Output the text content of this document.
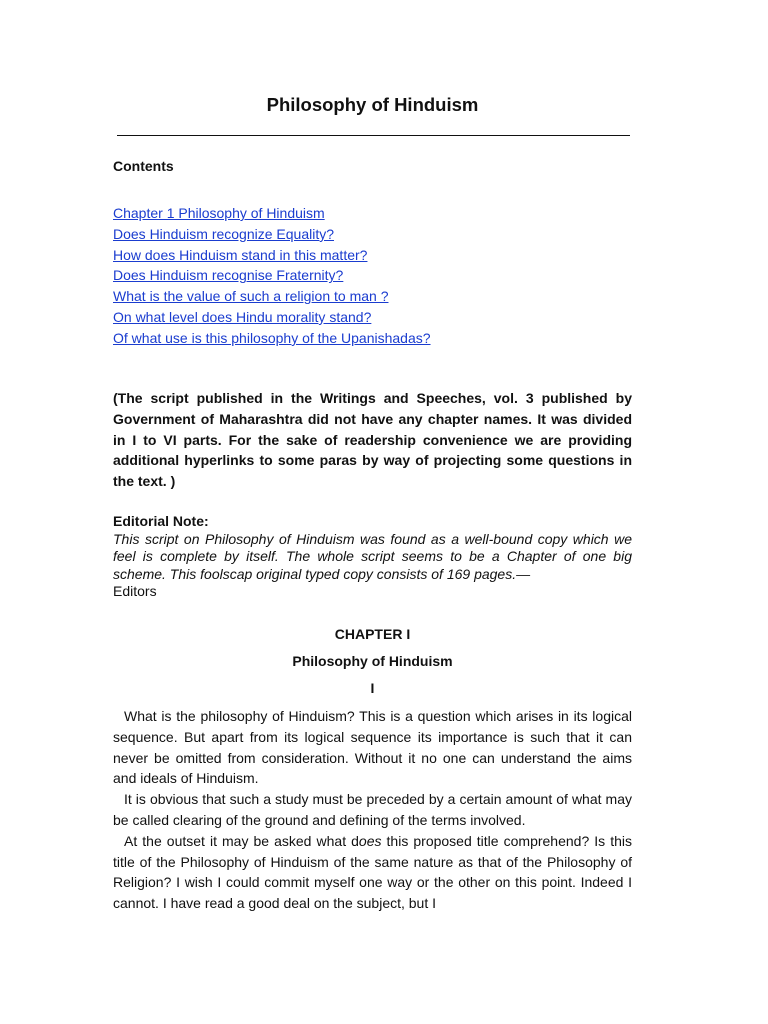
Philosophy of Hinduism
Contents
Chapter 1 Philosophy of Hinduism
Does Hinduism recognize Equality?
How does Hinduism stand in this matter?
Does Hinduism recognise Fraternity?
What is the value of such a religion to man ?
On what level does Hindu morality stand?
Of what use is this philosophy of the Upanishadas?

(The script published in the Writings and Speeches, vol. 3 published by Government of Maharashtra did not have any chapter names. It was divided in I to VI parts. For the sake of readership convenience we are providing additional hyperlinks to some paras by way of projecting some questions in the text. )

Editorial Note:
This script on Philosophy of Hinduism was found as a well-bound copy which we feel is complete by itself. The whole script seems to be a Chapter of one big scheme. This foolscap original typed copy consists of 169 pages.—
Editors
CHAPTER I
Philosophy of Hinduism
I

What is the philosophy of Hinduism? This is a question which arises in its logical sequence. But apart from its logical sequence its importance is such that it can never be omitted from consideration. Without it no one can understand the aims and ideals of Hinduism.

It is obvious that such a study must be preceded by a certain amount of what may be called clearing of the ground and defining of the terms involved.

At the outset it may be asked what does this proposed title comprehend? Is this title of the Philosophy of Hinduism of the same nature as that of the Philosophy of Religion? I wish I could commit myself one way or the other on this point. Indeed I cannot. I have read a good deal on the subject, but I
